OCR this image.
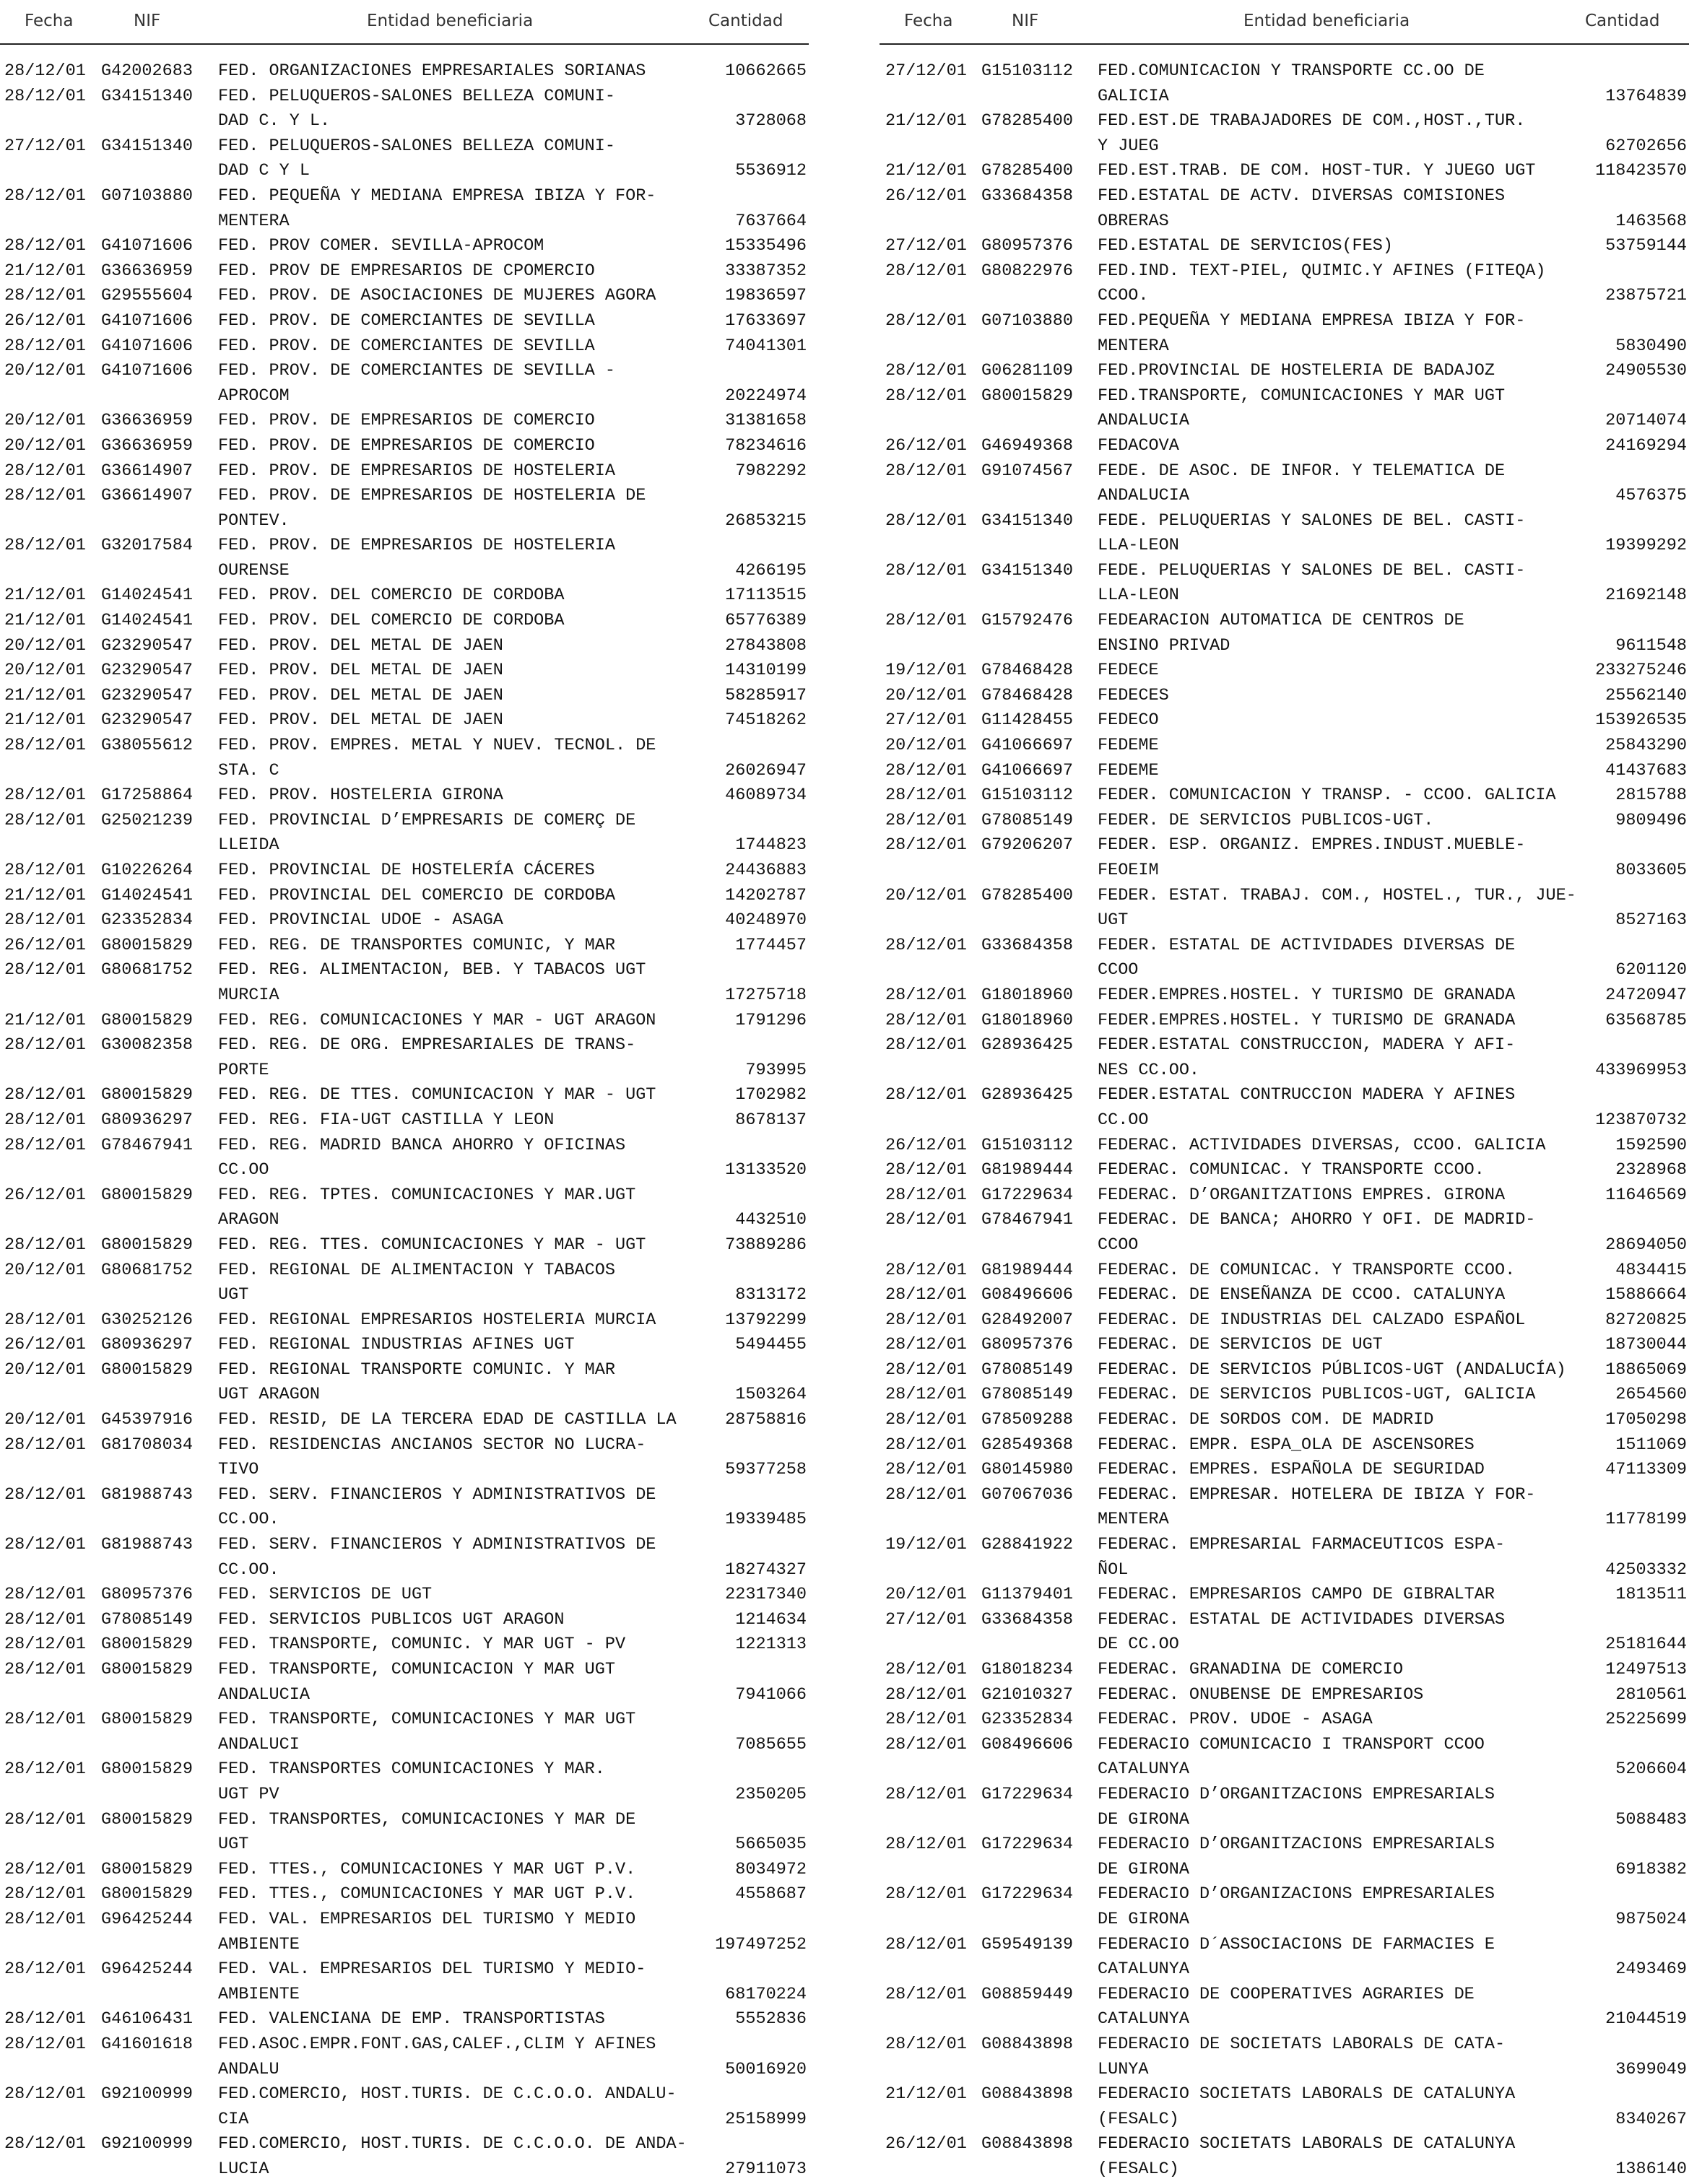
Fecha	NIF	Entidad beneficiaria	Cantidad
28/12/01 G42002683 FED. ORGANIZACIONES EMPRESARIALES SORIANAS	10662665
28/12/01 G34151340 FED. PELUQUEROS-SALONES BELLEZA COMUNI-
DAD C. Y L.	3728068
27/12/01 G34151340 FED. PELUQUEROS-SALONES BELLEZA COMUNI-
DAD C Y L	5536912
28/12/01 G07103880 FED. PEQUEÑA Y MEDIANA EMPRESA IBIZA Y FOR-
MENTERA	7637664
28/12/01 G41071606 FED. PROV COMER. SEVILLA-APROCOM	15335496
21/12/01 G36636959 FED. PROV DE EMPRESARIOS DE CPOMERCIO	33387352
28/12/01 G29555604 FED. PROV. DE ASOCIACIONES DE MUJERES AGORA	19836597
26/12/01 G41071606 FED. PROV. DE COMERCIANTES DE SEVILLA	17633697
28/12/01 G41071606 FED. PROV. DE COMERCIANTES DE SEVILLA	74041301
20/12/01 G41071606 FED. PROV. DE COMERCIANTES DE SEVILLA -
APROCOM	20224974
20/12/01 G36636959 FED. PROV. DE EMPRESARIOS DE COMERCIO	31381658
20/12/01 G36636959 FED. PROV. DE EMPRESARIOS DE COMERCIO	78234616
28/12/01 G36614907 FED. PROV. DE EMPRESARIOS DE HOSTELERIA	7982292
28/12/01 G36614907 FED. PROV. DE EMPRESARIOS DE HOSTELERIA DE
PONTEV.	26853215
28/12/01 G32017584 FED. PROV. DE EMPRESARIOS DE HOSTELERIA
OURENSE	4266195
21/12/01 G14024541 FED. PROV. DEL COMERCIO DE CORDOBA	17113515
21/12/01 G14024541 FED. PROV. DEL COMERCIO DE CORDOBA	65776389
20/12/01 G23290547 FED. PROV. DEL METAL DE JAEN	27843808
20/12/01 G23290547 FED. PROV. DEL METAL DE JAEN	14310199
21/12/01 G23290547 FED. PROV. DEL METAL DE JAEN	58285917
21/12/01 G23290547 FED. PROV. DEL METAL DE JAEN	74518262
28/12/01 G38055612 FED. PROV. EMPRES. METAL Y NUEV. TECNOL. DE
STA. C	26026947
28/12/01 G17258864 FED. PROV. HOSTELERIA GIRONA	46089734
28/12/01 G25021239 FED. PROVINCIAL D’EMPRESARIS DE COMERÇ DE
LLEIDA	1744823
28/12/01 G10226264 FED. PROVINCIAL DE HOSTELERÍA CÁCERES	24436883
21/12/01 G14024541 FED. PROVINCIAL DEL COMERCIO DE CORDOBA	14202787
28/12/01 G23352834 FED. PROVINCIAL UDOE - ASAGA	40248970
26/12/01 G80015829 FED. REG. DE TRANSPORTES COMUNIC, Y MAR	1774457
28/12/01 G80681752 FED. REG. ALIMENTACION, BEB. Y TABACOS UGT
MURCIA	17275718
21/12/01 G80015829 FED. REG. COMUNICACIONES Y MAR - UGT ARAGON	1791296
28/12/01 G30082358 FED. REG. DE ORG. EMPRESARIALES DE TRANS-
PORTE	793995
28/12/01 G80015829 FED. REG. DE TTES. COMUNICACION Y MAR - UGT	1702982
28/12/01 G80936297 FED. REG. FIA-UGT CASTILLA Y LEON	8678137
28/12/01 G78467941 FED. REG. MADRID BANCA AHORRO Y OFICINAS
CC.OO	13133520
26/12/01 G80015829 FED. REG. TPTES. COMUNICACIONES Y MAR.UGT
ARAGON	4432510
28/12/01 G80015829 FED. REG. TTES. COMUNICACIONES Y MAR - UGT	73889286
20/12/01 G80681752 FED. REGIONAL DE ALIMENTACION Y TABACOS
UGT	8313172
28/12/01 G30252126 FED. REGIONAL EMPRESARIOS HOSTELERIA MURCIA	13792299
26/12/01 G80936297 FED. REGIONAL INDUSTRIAS AFINES UGT	5494455
20/12/01 G80015829 FED. REGIONAL TRANSPORTE COMUNIC. Y MAR
UGT ARAGON	1503264
20/12/01 G45397916 FED. RESID, DE LA TERCERA EDAD DE CASTILLA LA	28758816
28/12/01 G81708034 FED. RESIDENCIAS ANCIANOS SECTOR NO LUCRA-
TIVO	59377258
28/12/01 G81988743 FED. SERV. FINANCIEROS Y ADMINISTRATIVOS DE
CC.OO.	19339485
28/12/01 G81988743 FED. SERV. FINANCIEROS Y ADMINISTRATIVOS DE
CC.OO.	18274327
28/12/01 G80957376 FED. SERVICIOS DE UGT	22317340
28/12/01 G78085149 FED. SERVICIOS PUBLICOS UGT ARAGON	1214634
28/12/01 G80015829 FED. TRANSPORTE, COMUNIC. Y MAR UGT - PV	1221313
28/12/01 G80015829 FED. TRANSPORTE, COMUNICACION Y MAR UGT
ANDALUCIA	7941066
28/12/01 G80015829 FED. TRANSPORTE, COMUNICACIONES Y MAR UGT
ANDALUCI	7085655
28/12/01 G80015829 FED. TRANSPORTES COMUNICACIONES Y MAR.
UGT PV	2350205
28/12/01 G80015829 FED. TRANSPORTES, COMUNICACIONES Y MAR DE
UGT	5665035
28/12/01 G80015829 FED. TTES., COMUNICACIONES Y MAR UGT P.V.	8034972
28/12/01 G80015829 FED. TTES., COMUNICACIONES Y MAR UGT P.V.	4558687
28/12/01 G96425244 FED. VAL. EMPRESARIOS DEL TURISMO Y MEDIO
AMBIENTE	197497252
28/12/01 G96425244 FED. VAL. EMPRESARIOS DEL TURISMO Y MEDIO-
AMBIENTE	68170224
28/12/01 G46106431 FED. VALENCIANA DE EMP. TRANSPORTISTAS	5552836
28/12/01 G41601618 FED.ASOC.EMPR.FONT.GAS,CALEF.,CLIM Y AFINES
ANDALU	50016920
28/12/01 G92100999 FED.COMERCIO, HOST.TURIS. DE C.C.O.O. ANDALU-
CIA	25158999
28/12/01 G92100999 FED.COMERCIO, HOST.TURIS. DE C.C.O.O. DE ANDA-
LUCIA	27911073
Fecha	NIF	Entidad beneficiaria	Cantidad
27/12/01 G15103112 FED.COMUNICACION Y TRANSPORTE CC.OO DE
GALICIA	13764839
21/12/01 G78285400 FED.EST.DE TRABAJADORES DE COM.,HOST.,TUR.
Y JUEG	62702656
21/12/01 G78285400 FED.EST.TRAB. DE COM. HOST-TUR. Y JUEGO UGT	118423570
26/12/01 G33684358 FED.ESTATAL DE ACTV. DIVERSAS COMISIONES
OBRERAS	1463568
27/12/01 G80957376 FED.ESTATAL DE SERVICIOS(FES)	53759144
28/12/01 G80822976 FED.IND. TEXT-PIEL, QUIMIC.Y AFINES (FITEQA)
CCOO.	23875721
28/12/01 G07103880 FED.PEQUEÑA Y MEDIANA EMPRESA IBIZA Y FOR-
MENTERA	5830490
28/12/01 G06281109 FED.PROVINCIAL DE HOSTELERIA DE BADAJOZ	24905530
28/12/01 G80015829 FED.TRANSPORTE, COMUNICACIONES Y MAR UGT
ANDALUCIA	20714074
26/12/01 G46949368 FEDACOVA	24169294
28/12/01 G91074567 FEDE. DE ASOC. DE INFOR. Y TELEMATICA DE
ANDALUCIA	4576375
28/12/01 G34151340 FEDE. PELUQUERIAS Y SALONES DE BEL. CASTI-
LLA-LEON	19399292
28/12/01 G34151340 FEDE. PELUQUERIAS Y SALONES DE BEL. CASTI-
LLA-LEON	21692148
28/12/01 G15792476 FEDEARACION AUTOMATICA DE CENTROS DE
ENSINO PRIVAD	9611548
19/12/01 G78468428 FEDECE	233275246
20/12/01 G78468428 FEDECES	25562140
27/12/01 G11428455 FEDECO	153926535
20/12/01 G41066697 FEDEME	25843290
28/12/01 G41066697 FEDEME	41437683
28/12/01 G15103112 FEDER. COMUNICACION Y TRANSP. - CCOO. GALICIA	2815788
28/12/01 G78085149 FEDER. DE SERVICIOS PUBLICOS-UGT.	9809496
28/12/01 G79206207 FEDER. ESP. ORGANIZ. EMPRES.INDUST.MUEBLE-
FEOEIM	8033605
20/12/01 G78285400 FEDER. ESTAT. TRABAJ. COM., HOSTEL., TUR., JUE-
UGT	8527163
28/12/01 G33684358 FEDER. ESTATAL DE ACTIVIDADES DIVERSAS DE
CCOO	6201120
28/12/01 G18018960 FEDER.EMPRES.HOSTEL. Y TURISMO DE GRANADA	24720947
28/12/01 G18018960 FEDER.EMPRES.HOSTEL. Y TURISMO DE GRANADA	63568785
28/12/01 G28936425 FEDER.ESTATAL CONSTRUCCION, MADERA Y AFI-
NES CC.OO.	433969953
28/12/01 G28936425 FEDER.ESTATAL CONTRUCCION MADERA Y AFINES
CC.OO	123870732
26/12/01 G15103112 FEDERAC. ACTIVIDADES DIVERSAS, CCOO. GALICIA	1592590
28/12/01 G81989444 FEDERAC. COMUNICAC. Y TRANSPORTE CCOO.	2328968
28/12/01 G17229634 FEDERAC. D’ORGANITZATIONS EMPRES. GIRONA	11646569
28/12/01 G78467941 FEDERAC. DE BANCA; AHORRO Y OFI. DE MADRID-
CCOO	28694050
28/12/01 G81989444 FEDERAC. DE COMUNICAC. Y TRANSPORTE CCOO.	4834415
28/12/01 G08496606 FEDERAC. DE ENSEÑANZA DE CCOO. CATALUNYA	15886664
28/12/01 G28492007 FEDERAC. DE INDUSTRIAS DEL CALZADO ESPAÑOL	82720825
28/12/01 G80957376 FEDERAC. DE SERVICIOS DE UGT	18730044
28/12/01 G78085149 FEDERAC. DE SERVICIOS PÚBLICOS-UGT (ANDALUCÍA)	18865069
28/12/01 G78085149 FEDERAC. DE SERVICIOS PUBLICOS-UGT, GALICIA	2654560
28/12/01 G78509288 FEDERAC. DE SORDOS COM. DE MADRID	17050298
28/12/01 G28549368 FEDERAC. EMPR. ESPA_OLA DE ASCENSORES	1511069
28/12/01 G80145980 FEDERAC. EMPRES. ESPAÑOLA DE SEGURIDAD	47113309
28/12/01 G07067036 FEDERAC. EMPRESAR. HOTELERA DE IBIZA Y FOR-
MENTERA	11778199
19/12/01 G28841922 FEDERAC. EMPRESARIAL FARMACEUTICOS ESPA-
ÑOL	42503332
20/12/01 G11379401 FEDERAC. EMPRESARIOS CAMPO DE GIBRALTAR	1813511
27/12/01 G33684358 FEDERAC. ESTATAL DE ACTIVIDADES DIVERSAS
DE CC.OO	25181644
28/12/01 G18018234 FEDERAC. GRANADINA DE COMERCIO	12497513
28/12/01 G21010327 FEDERAC. ONUBENSE DE EMPRESARIOS	2810561
28/12/01 G23352834 FEDERAC. PROV. UDOE - ASAGA	25225699
28/12/01 G08496606 FEDERACIO COMUNICACIO I TRANSPORT CCOO
CATALUNYA	5206604
28/12/01 G17229634 FEDERACIO D’ORGANITZACIONS EMPRESARIALS
DE GIRONA	5088483
28/12/01 G17229634 FEDERACIO D’ORGANITZACIONS EMPRESARIALS
DE GIRONA	6918382
28/12/01 G17229634 FEDERACIO D’ORGANIZACIONS EMPRESARIALES
DE GIRONA	9875024
28/12/01 G59549139 FEDERACIO D´ASSOCIACIONS DE FARMACIES E
CATALUNYA	2493469
28/12/01 G08859449 FEDERACIO DE COOPERATIVES AGRARIES DE
CATALUNYA	21044519
28/12/01 G08843898 FEDERACIO DE SOCIETATS LABORALS DE CATA-
LUNYA	3699049
21/12/01 G08843898 FEDERACIO SOCIETATS LABORALS DE CATALUNYA
(FESALC)	8340267
26/12/01 G08843898 FEDERACIO SOCIETATS LABORALS DE CATALUNYA
(FESALC)	1386140
